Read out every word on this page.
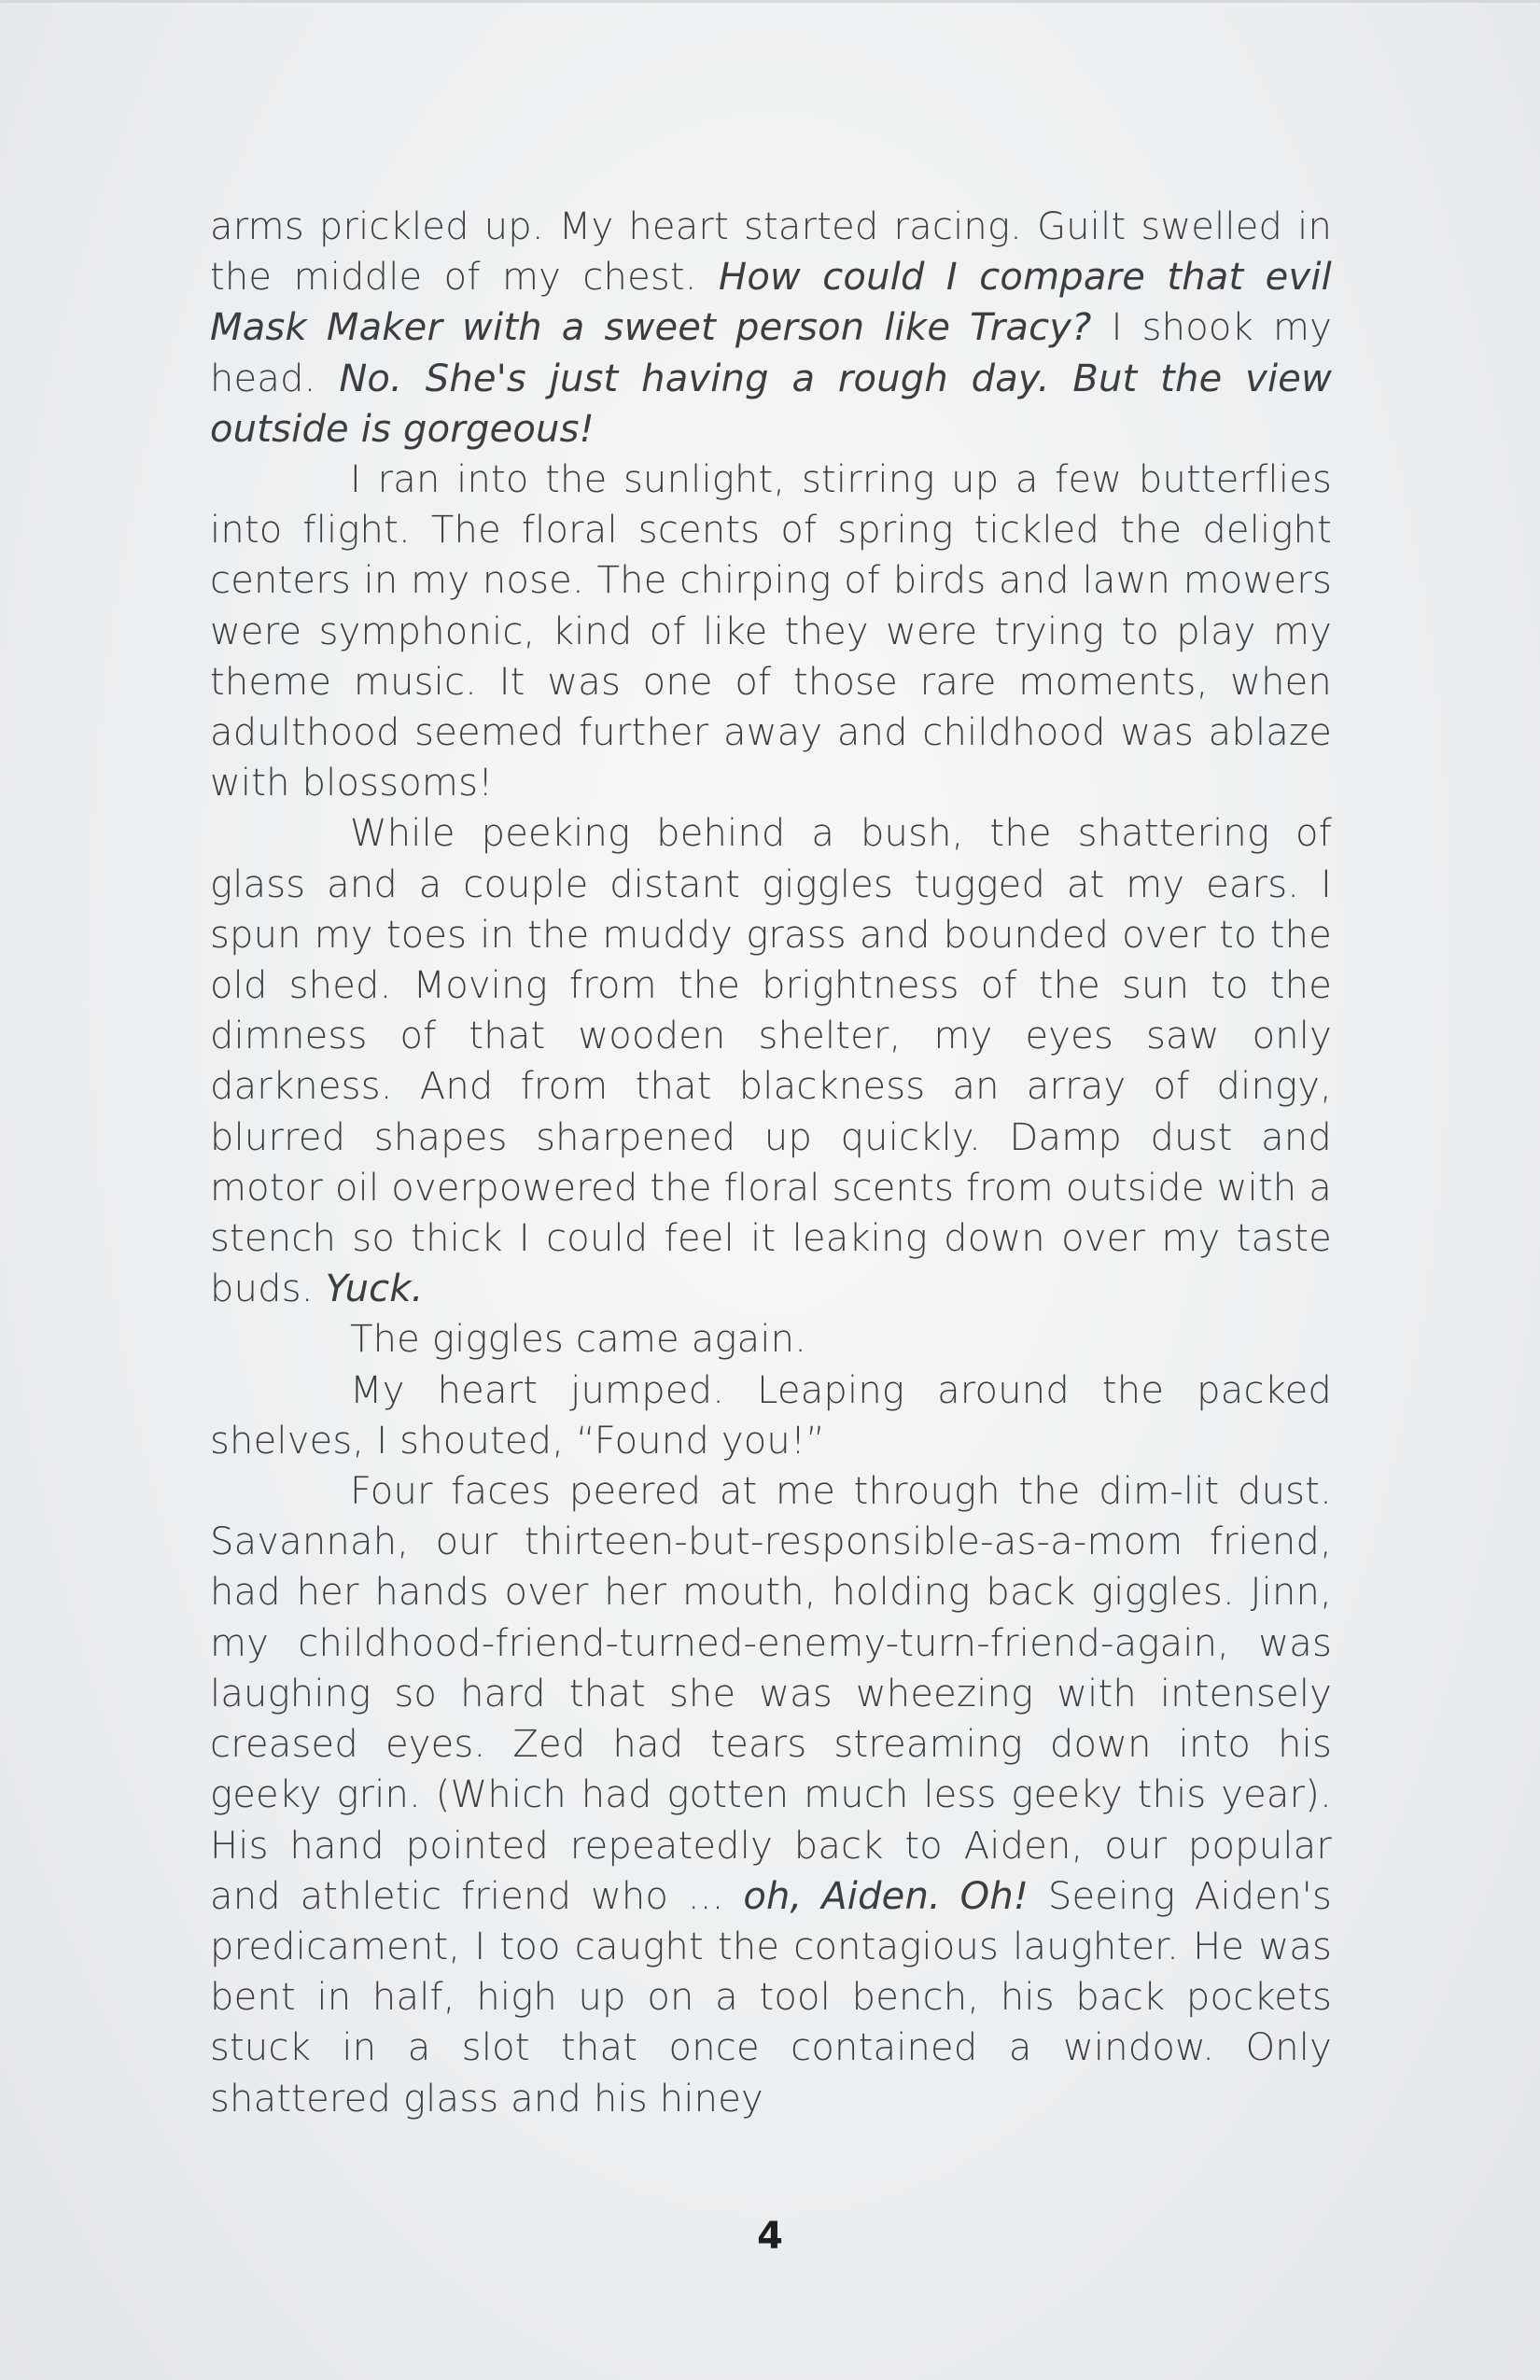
arms prickled up. My heart started racing. Guilt swelled in the middle of my chest. How could I compare that evil Mask Maker with a sweet person like Tracy? I shook my head. No. She's just having a rough day. But the view outside is gorgeous!

I ran into the sunlight, stirring up a few butterflies into flight. The floral scents of spring tickled the delight centers in my nose. The chirping of birds and lawn mowers were symphonic, kind of like they were trying to play my theme music. It was one of those rare moments, when adulthood seemed further away and childhood was ablaze with blossoms!

While peeking behind a bush, the shattering of glass and a couple distant giggles tugged at my ears. I spun my toes in the muddy grass and bounded over to the old shed. Moving from the brightness of the sun to the dimness of that wooden shelter, my eyes saw only darkness. And from that blackness an array of dingy, blurred shapes sharpened up quickly. Damp dust and motor oil overpowered the floral scents from outside with a stench so thick I could feel it leaking down over my taste buds. Yuck.

The giggles came again.

My heart jumped. Leaping around the packed shelves, I shouted, “Found you!”

Four faces peered at me through the dim-lit dust. Savannah, our thirteen-but-responsible-as-a-mom friend, had her hands over her mouth, holding back giggles. Jinn, my childhood-friend-turned-enemy-turn-friend-again, was laughing so hard that she was wheezing with intensely creased eyes. Zed had tears streaming down into his geeky grin. (Which had gotten much less geeky this year). His hand pointed repeatedly back to Aiden, our popular and athletic friend who ... oh, Aiden. Oh! Seeing Aiden's predicament, I too caught the contagious laughter. He was bent in half, high up on a tool bench, his back pockets stuck in a slot that once contained a window. Only shattered glass and his hiney

4
